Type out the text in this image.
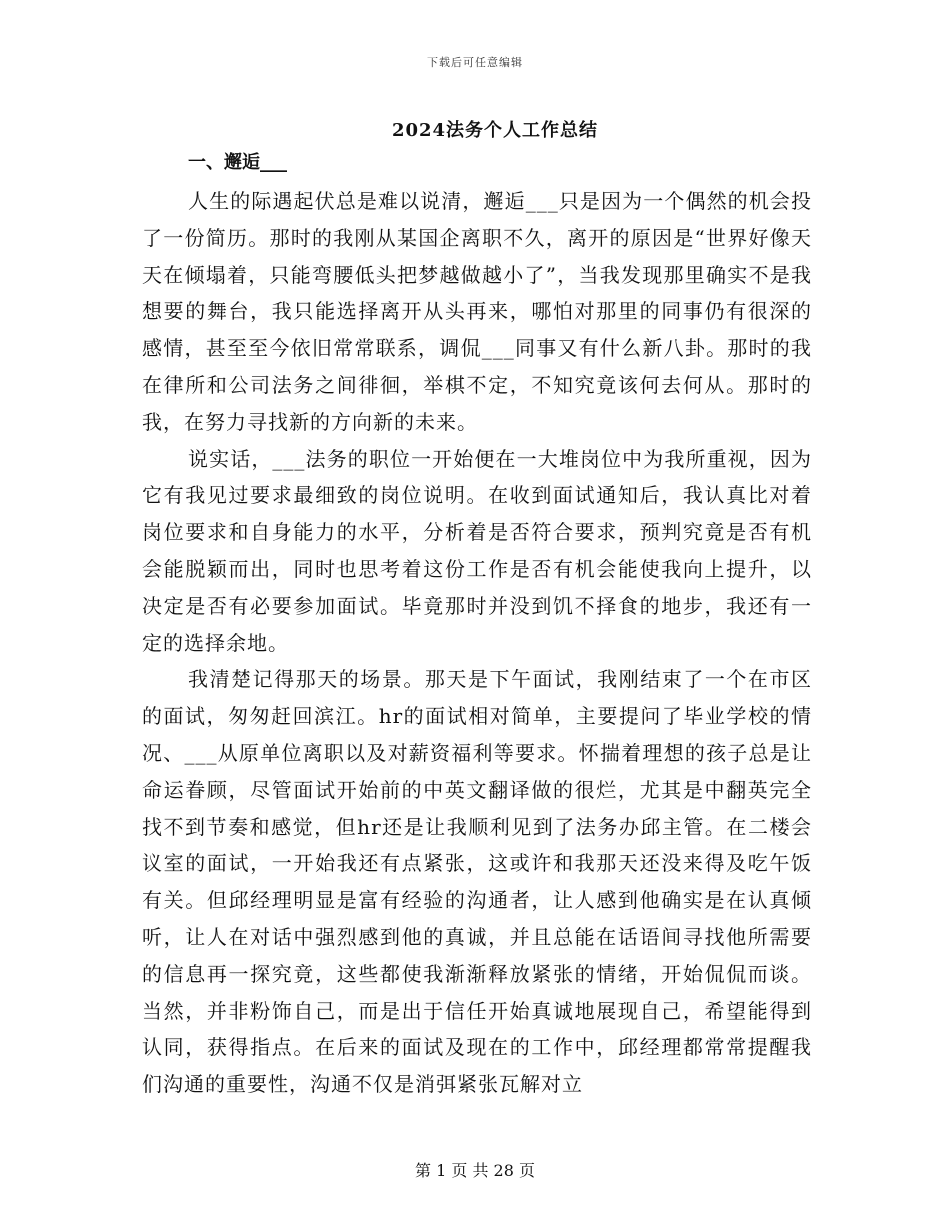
下载后可任意编辑
2024法务个人工作总结
一、邂逅___

人生的际遇起伏总是难以说清，邂逅___只是因为一个偶然的机会投了一份简历。那时的我刚从某国企离职不久，离开的原因是“世界好像天天在倾塌着，只能弯腰低头把梦越做越小了”，当我发现那里确实不是我想要的舞台，我只能选择离开从头再来，哪怕对那里的同事仍有很深的感情，甚至至今依旧常常联系，调侃___同事又有什么新八卦。那时的我在律所和公司法务之间徘徊，举棋不定，不知究竟该何去何从。那时的我，在努力寻找新的方向新的未来。

说实话，___法务的职位一开始便在一大堆岗位中为我所重视，因为它有我见过要求最细致的岗位说明。在收到面试通知后，我认真比对着岗位要求和自身能力的水平，分析着是否符合要求，预判究竟是否有机会能脱颖而出，同时也思考着这份工作是否有机会能使我向上提升，以决定是否有必要参加面试。毕竟那时并没到饥不择食的地步，我还有一定的选择余地。

我清楚记得那天的场景。那天是下午面试，我刚结束了一个在市区的面试，匆匆赶回滨江。hr的面试相对简单，主要提问了毕业学校的情况、___从原单位离职以及对薪资福利等要求。怀揣着理想的孩子总是让命运眷顾，尽管面试开始前的中英文翻译做的很烂，尤其是中翻英完全找不到节奏和感觉，但hr还是让我顺利见到了法务办邱主管。在二楼会议室的面试，一开始我还有点紧张，这或许和我那天还没来得及吃午饭有关。但邱经理明显是富有经验的沟通者，让人感到他确实是在认真倾听，让人在对话中强烈感到他的真诚，并且总能在话语间寻找他所需要的信息再一探究竟，这些都使我渐渐释放紧张的情绪，开始侃侃而谈。当然，并非粉饰自己，而是出于信任开始真诚地展现自己，希望能得到认同，获得指点。在后来的面试及现在的工作中，邱经理都常常提醒我们沟通的重要性，沟通不仅是消弭紧张瓦解对立

第 1 页 共 28 页
